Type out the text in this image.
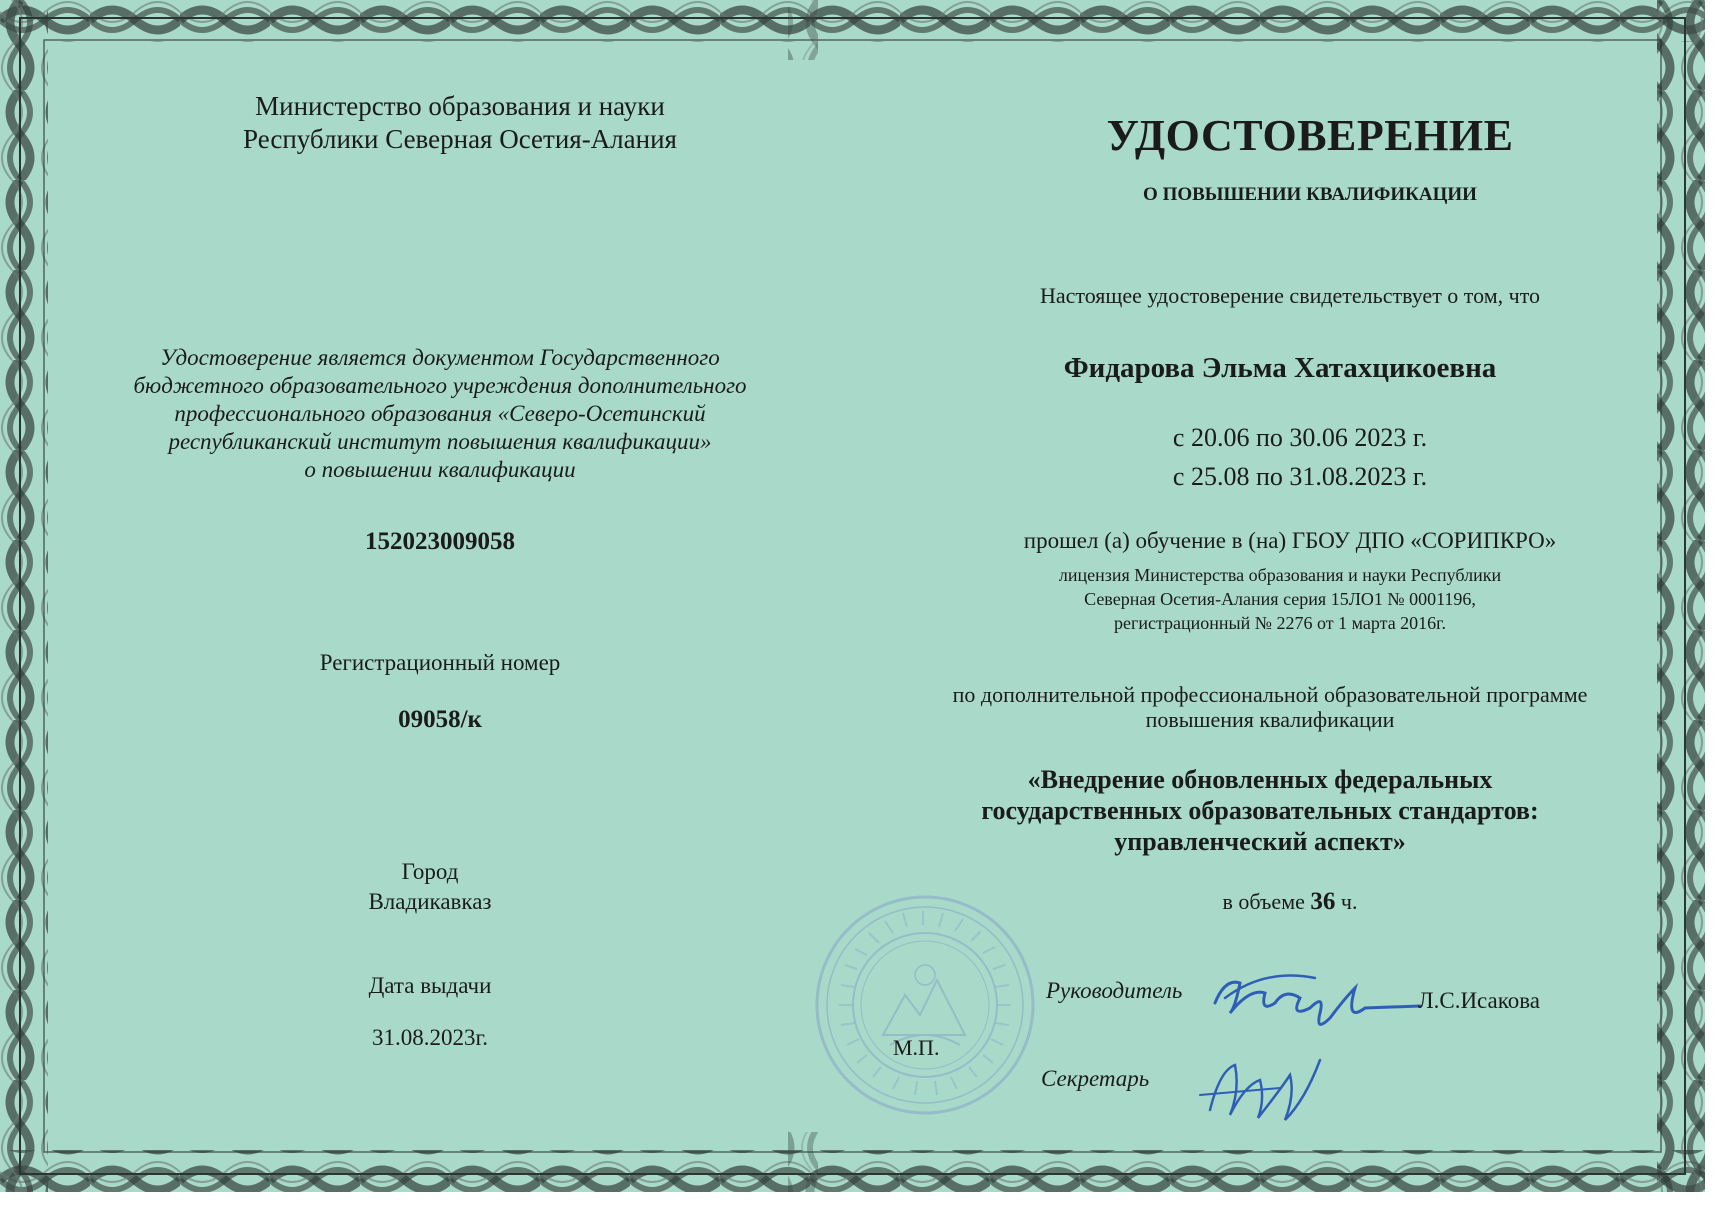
Министерство образования и науки
Республики Северная Осетия-Алания
Удостоверение является документом Государственного
бюджетного образовательного учреждения дополнительного
профессионального образования «Северо-Осетинский
республиканский институт повышения квалификации»
о повышении квалификации
152023009058
Регистрационный номер
09058/к
Город
Владикавказ
Дата выдачи
31.08.2023г.
УДОСТОВЕРЕНИЕ
О ПОВЫШЕНИИ КВАЛИФИКАЦИИ
Настоящее удостоверение свидетельствует о том, что
Фидарова Эльма Хатахцикоевна
с 20.06 по 30.06 2023 г.
с 25.08 по 31.08.2023 г.
прошел (а) обучение в (на) ГБОУ ДПО «СОРИПКРО»
лицензия Министерства образования и науки Республики
Северная Осетия-Алания серия 15ЛО1 № 0001196,
регистрационный № 2276 от 1 марта 2016г.
по дополнительной профессиональной образовательной программе
повышения квалификации
«Внедрение обновленных федеральных
государственных образовательных стандартов:
управленческий аспект»
в объеме 36 ч.
Руководитель	Л.С.Исакова
М.П.
Секретарь
